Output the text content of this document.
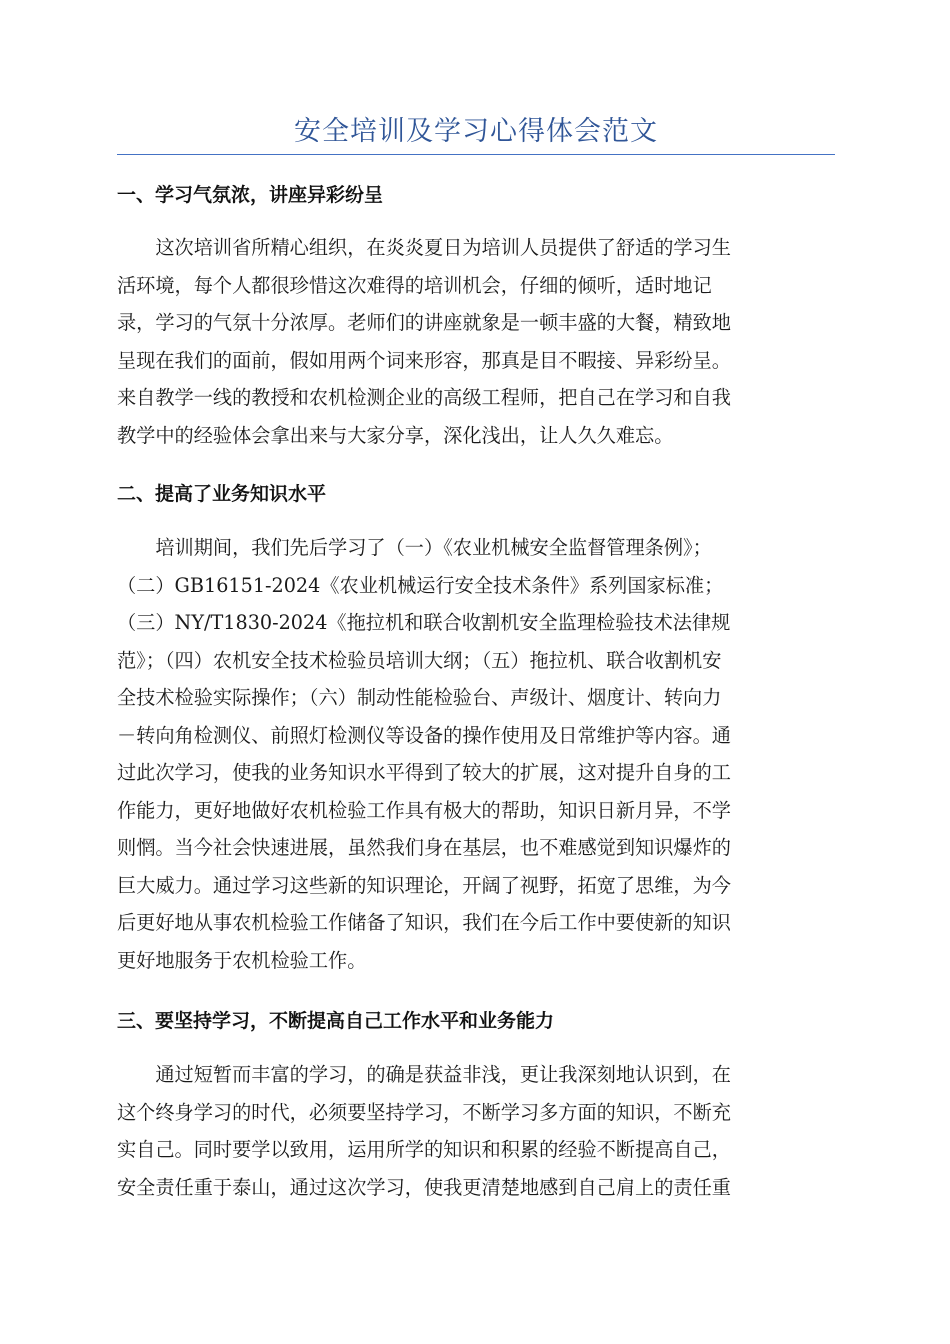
安全培训及学习心得体会范文
一、学习气氛浓，讲座异彩纷呈
　　这次培训省所精心组织，在炎炎夏日为培训人员提供了舒适的学习生
活环境，每个人都很珍惜这次难得的培训机会，仔细的倾听，适时地记
录，学习的气氛十分浓厚。老师们的讲座就象是一顿丰盛的大餐，精致地
呈现在我们的面前，假如用两个词来形容，那真是目不暇接、异彩纷呈。
来自教学一线的教授和农机检测企业的高级工程师，把自己在学习和自我
教学中的经验体会拿出来与大家分享，深化浅出，让人久久难忘。
二、提高了业务知识水平
　　培训期间，我们先后学习了（一）《农业机械安全监督管理条例》；
（二）GB16151-2024《农业机械运行安全技术条件》系列国家标准；
（三）NY/T1830-2024《拖拉机和联合收割机安全监理检验技术法律规
范》；（四）农机安全技术检验员培训大纲；（五）拖拉机、联合收割机安
全技术检验实际操作；（六）制动性能检验台、声级计、烟度计、转向力
－转向角检测仪、前照灯检测仪等设备的操作使用及日常维护等内容。通
过此次学习，使我的业务知识水平得到了较大的扩展，这对提升自身的工
作能力，更好地做好农机检验工作具有极大的帮助，知识日新月异，不学
则惘。当今社会快速进展，虽然我们身在基层，也不难感觉到知识爆炸的
巨大威力。通过学习这些新的知识理论，开阔了视野，拓宽了思维，为今
后更好地从事农机检验工作储备了知识，我们在今后工作中要使新的知识
更好地服务于农机检验工作。
三、要坚持学习，不断提高自己工作水平和业务能力
　　通过短暂而丰富的学习，的确是获益非浅，更让我深刻地认识到，在
这个终身学习的时代，必须要坚持学习，不断学习多方面的知识，不断充
实自己。同时要学以致用，运用所学的知识和积累的经验不断提高自己，
安全责任重于泰山，通过这次学习，使我更清楚地感到自己肩上的责任重
